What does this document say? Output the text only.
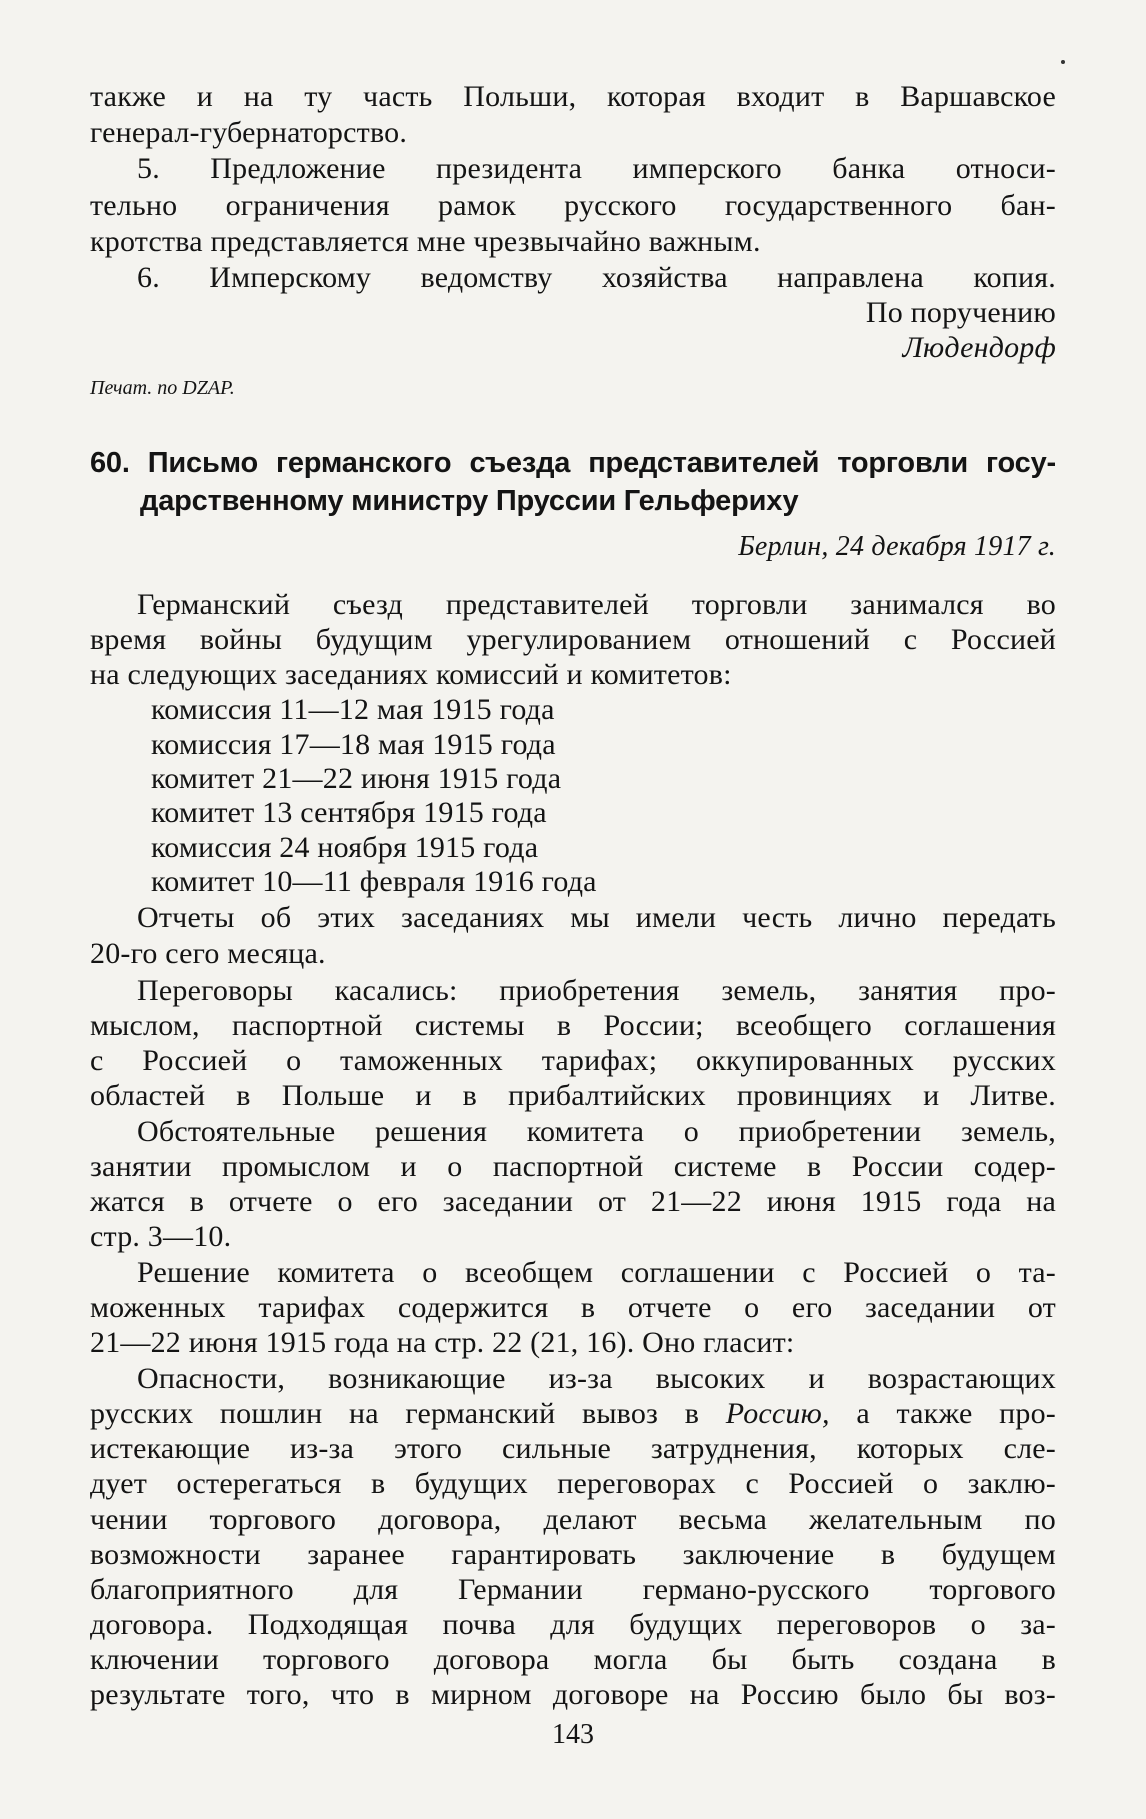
также и на ту часть Польши, которая входит в Варшавское
генерал-губернаторство.
5. Предложение президента имперского банка относи-
тельно ограничения рамок русского государственного бан-
кротства представляется мне чрезвычайно важным.
6. Имперскому ведомству хозяйства направлена копия.
По поручению
Людендорф
Печат. по DZAP.
60. Письмо германского съезда представителей торговли госу-
дарственному министру Пруссии Гельфериху
Берлин, 24 декабря 1917 г.
Германский съезд представителей торговли занимался во
время войны будущим урегулированием отношений с Россией
на следующих заседаниях комиссий и комитетов:
комиссия 11—12 мая 1915 года
комиссия 17—18 мая 1915 года
комитет 21—22 июня 1915 года
комитет 13 сентября 1915 года
комиссия 24 ноября 1915 года
комитет 10—11 февраля 1916 года
Отчеты об этих заседаниях мы имели честь лично передать
20-го сего месяца.
Переговоры касались: приобретения земель, занятия про-
мыслом, паспортной системы в России; всеобщего соглашения
с Россией о таможенных тарифах; оккупированных русских
областей в Польше и в прибалтийских провинциях и Литве.
Обстоятельные решения комитета о приобретении земель,
занятии промыслом и о паспортной системе в России содер-
жатся в отчете о его заседании от 21—22 июня 1915 года на
стр. 3—10.
Решение комитета о всеобщем соглашении с Россией о та-
моженных тарифах содержится в отчете о его заседании от
21—22 июня 1915 года на стр. 22 (21, 16). Оно гласит:
Опасности, возникающие из-за высоких и возрастающих
русских пошлин на германский вывоз в Россию, а также про-
истекающие из-за этого сильные затруднения, которых сле-
дует остерегаться в будущих переговорах с Россией о заклю-
чении торгового договора, делают весьма желательным по
возможности заранее гарантировать заключение в будущем
благоприятного для Германии германо-русского торгового
договора. Подходящая почва для будущих переговоров о за-
143
ключении торгового договора могла бы быть создана в
результате того, что в мирном договоре на Россию было бы воз-
